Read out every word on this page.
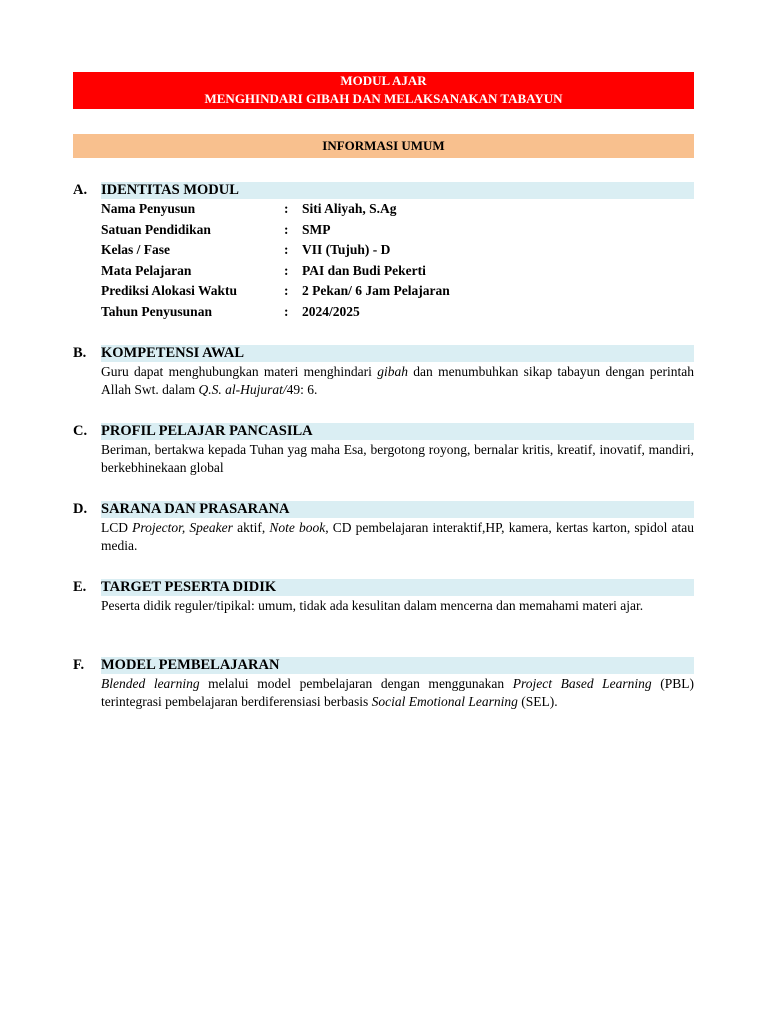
MODUL AJAR
MENGHINDARI GIBAH DAN MELAKSANAKAN TABAYUN
INFORMASI UMUM
A. IDENTITAS MODUL
Nama Penyusun	: Siti Aliyah, S.Ag
Satuan Pendidikan	: SMP
Kelas / Fase	: VII (Tujuh) - D
Mata Pelajaran	: PAI dan Budi Pekerti
Prediksi Alokasi Waktu	: 2 Pekan/ 6 Jam Pelajaran
Tahun Penyusunan	: 2024/2025
B.	KOMPETENSI AWAL
Guru dapat menghubungkan materi menghindari gibah dan menumbuhkan sikap tabayun dengan perintah Allah Swt. dalam Q.S. al-Hujurat/49: 6.
C. PROFIL PELAJAR PANCASILA
Beriman, bertakwa kepada Tuhan yag maha Esa, bergotong royong, bernalar kritis, kreatif, inovatif, mandiri, berkebhinekaan global
D. SARANA DAN PRASARANA
LCD Projector, Speaker aktif, Note book, CD pembelajaran interaktif,HP, kamera, kertas karton, spidol atau media.
E.	TARGET PESERTA DIDIK
Peserta didik reguler/tipikal: umum, tidak ada kesulitan dalam mencerna dan memahami materi ajar.
F.	MODEL PEMBELAJARAN
Blended learning melalui model pembelajaran dengan menggunakan Project Based Learning (PBL) terintegrasi pembelajaran berdiferensiasi berbasis Social Emotional Learning (SEL).
